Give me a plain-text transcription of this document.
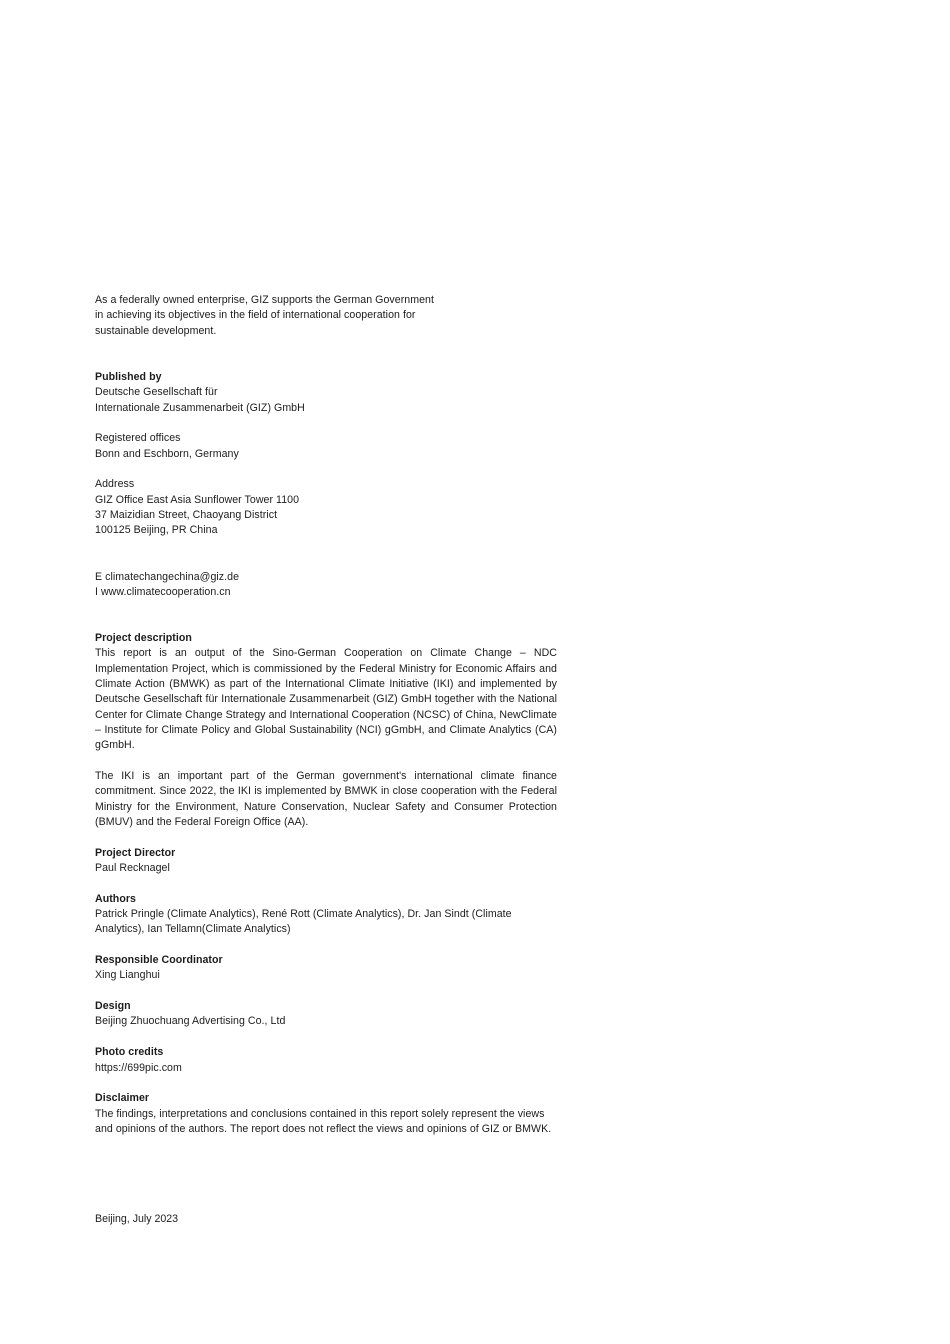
As a federally owned enterprise, GIZ supports the German Government
in achieving its objectives in the field of international cooperation for
sustainable development.
Published by
Deutsche Gesellschaft für
Internationale Zusammenarbeit (GIZ) GmbH
Registered offices
Bonn and Eschborn, Germany
Address
GIZ Office East Asia Sunflower Tower 1100
37 Maizidian Street, Chaoyang District
100125 Beijing, PR China
E climatechangechina@giz.de
I www.climatecooperation.cn
Project description
This report is an output of the Sino-German Cooperation on Climate Change – NDC Implementation Project, which is commissioned by the Federal Ministry for Economic Affairs and Climate Action (BMWK) as part of the International Climate Initiative (IKI) and implemented by Deutsche Gesellschaft für Internationale Zusammenarbeit (GIZ) GmbH together with the National Center for Climate Change Strategy and International Cooperation (NCSC) of China, NewClimate – Institute for Climate Policy and Global Sustainability (NCI) gGmbH, and Climate Analytics (CA) gGmbH.
The IKI is an important part of the German government's international climate finance commitment. Since 2022, the IKI is implemented by BMWK in close cooperation with the Federal Ministry for the Environment, Nature Conservation, Nuclear Safety and Consumer Protection (BMUV) and the Federal Foreign Office (AA).
Project Director
Paul Recknagel
Authors
Patrick Pringle (Climate Analytics), René Rott (Climate Analytics), Dr. Jan Sindt (Climate Analytics), Ian Tellamn(Climate Analytics)
Responsible Coordinator
Xing Lianghui
Design
Beijing Zhuochuang Advertising Co., Ltd
Photo credits
https://699pic.com
Disclaimer
The findings, interpretations and conclusions contained in this report solely represent the views and opinions of the authors. The report does not reflect the views and opinions of GIZ or BMWK.
Beijing, July 2023
